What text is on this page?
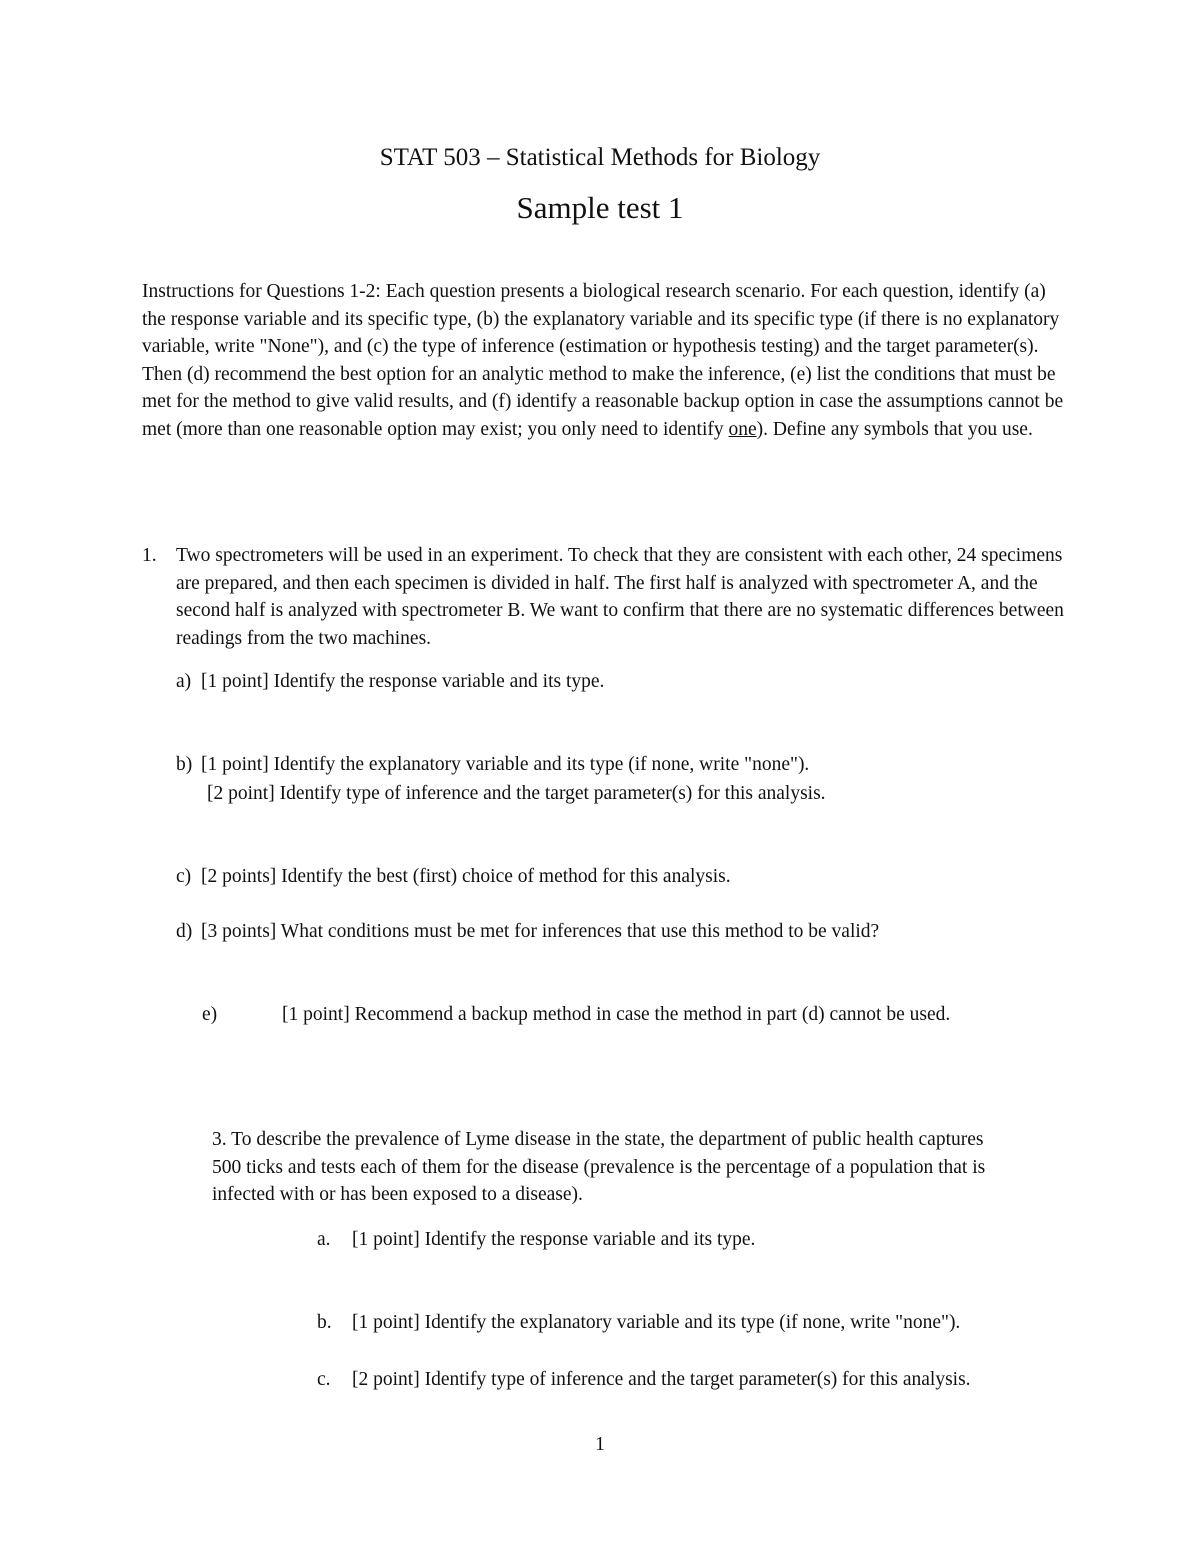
STAT 503 – Statistical Methods for Biology
Sample test 1

Instructions for Questions 1-2: Each question presents a biological research scenario. For each question, identify (a) the response variable and its specific type, (b) the explanatory variable and its specific type (if there is no explanatory variable, write "None"), and (c) the type of inference (estimation or hypothesis testing) and the target parameter(s). Then (d) recommend the best option for an analytic method to make the inference, (e) list the conditions that must be met for the method to give valid results, and (f) identify a reasonable backup option in case the assumptions cannot be met (more than one reasonable option may exist; you only need to identify one). Define any symbols that you use.

1. Two spectrometers will be used in an experiment. To check that they are consistent with each other, 24 specimens are prepared, and then each specimen is divided in half. The first half is analyzed with spectrometer A, and the second half is analyzed with spectrometer B. We want to confirm that there are no systematic differences between readings from the two machines.
a) [1 point] Identify the response variable and its type.
b) [1 point] Identify the explanatory variable and its type (if none, write "none").
[2 point] Identify type of inference and the target parameter(s) for this analysis.
c) [2 points] Identify the best (first) choice of method for this analysis.
d) [3 points] What conditions must be met for inferences that use this method to be valid?
e)	[1 point] Recommend a backup method in case the method in part (d) cannot be used.
3. To describe the prevalence of Lyme disease in the state, the department of public health captures 500 ticks and tests each of them for the disease (prevalence is the percentage of a population that is infected with or has been exposed to a disease).
a. [1 point] Identify the response variable and its type.
b. [1 point] Identify the explanatory variable and its type (if none, write "none").
c. [2 point] Identify type of inference and the target parameter(s) for this analysis.
1
